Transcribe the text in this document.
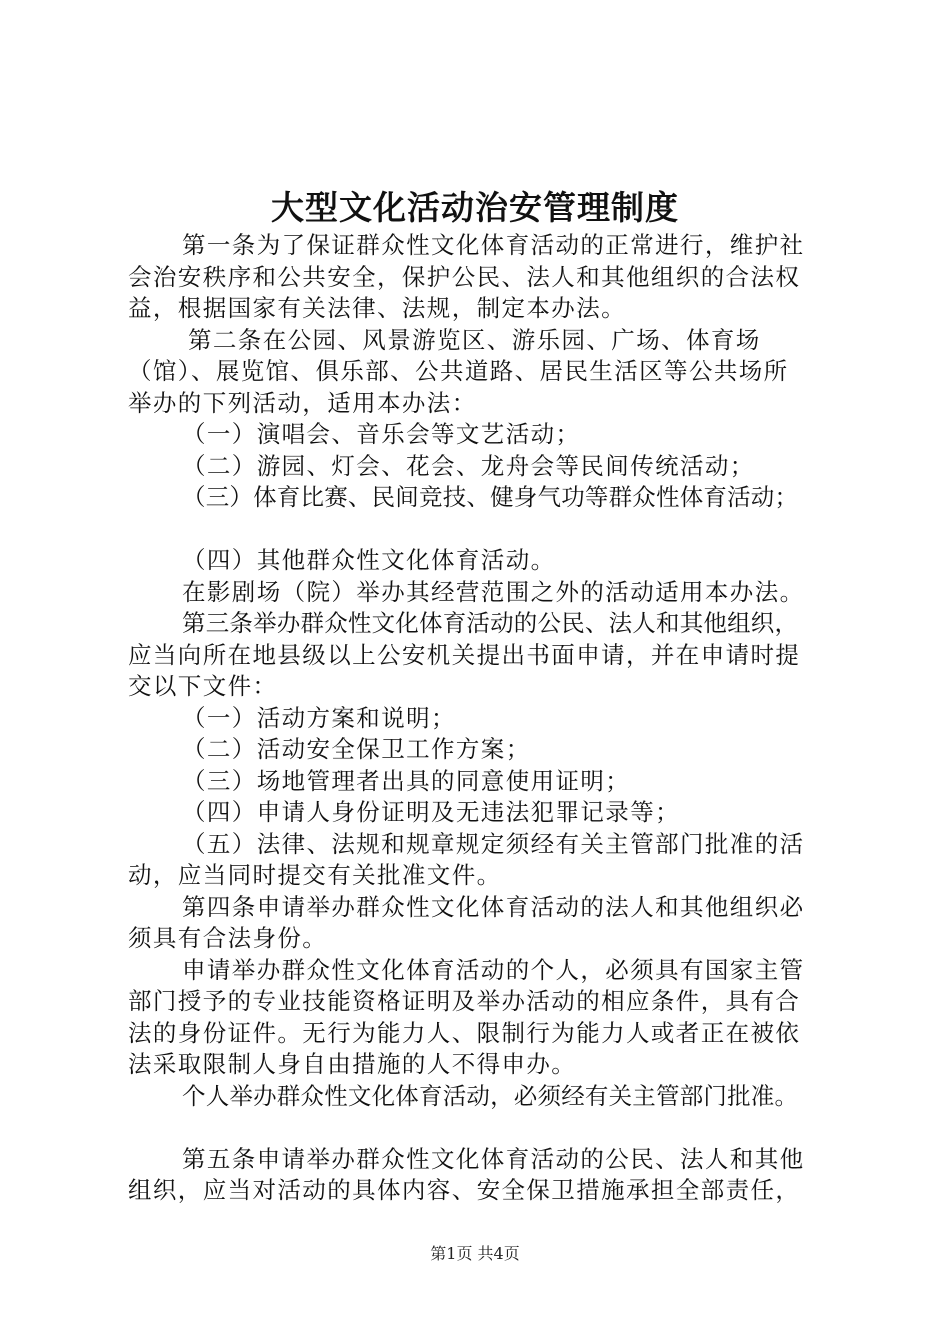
大型文化活动治安管理制度
第一条为了保证群众性文化体育活动的正常进行，维护社
会治安秩序和公共安全，保护公民、法人和其他组织的合法权
益，根据国家有关法律、法规，制定本办法。
第二条在公园、风景游览区、游乐园、广场、体育场
（馆）、展览馆、俱乐部、公共道路、居民生活区等公共场所
举办的下列活动，适用本办法：
（一）演唱会、音乐会等文艺活动；
（二）游园、灯会、花会、龙舟会等民间传统活动；
（三）体育比赛、民间竞技、健身气功等群众性体育活动；
（四）其他群众性文化体育活动。
在影剧场（院）举办其经营范围之外的活动适用本办法。
第三条举办群众性文化体育活动的公民、法人和其他组织，
应当向所在地县级以上公安机关提出书面申请，并在申请时提
交以下文件：
（一）活动方案和说明；
（二）活动安全保卫工作方案；
（三）场地管理者出具的同意使用证明；
（四）申请人身份证明及无违法犯罪记录等；
（五）法律、法规和规章规定须经有关主管部门批准的活
动，应当同时提交有关批准文件。
第四条申请举办群众性文化体育活动的法人和其他组织必
须具有合法身份。
申请举办群众性文化体育活动的个人，必须具有国家主管
部门授予的专业技能资格证明及举办活动的相应条件，具有合
法的身份证件。无行为能力人、限制行为能力人或者正在被依
法采取限制人身自由措施的人不得申办。
个人举办群众性文化体育活动，必须经有关主管部门批准。
第五条申请举办群众性文化体育活动的公民、法人和其他
组织，应当对活动的具体内容、安全保卫措施承担全部责任，
第1页 共4页
